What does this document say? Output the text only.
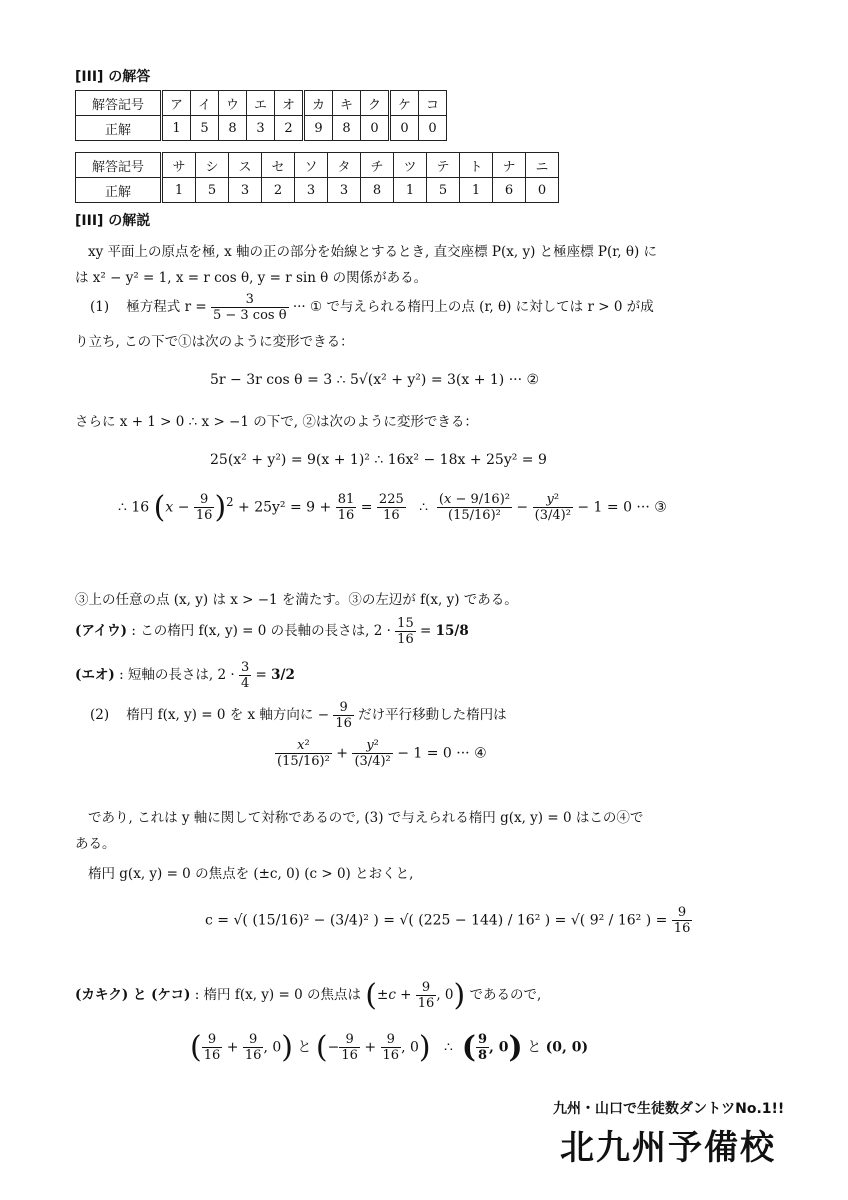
[III] の解答
解答記号	ア	イ	ウ	エ	オ	カ	キ	ク	ケ	コ
正解	1	5	8	3	2	9	8	0	0	0
解答記号	サ	シ	ス	セ	ソ	タ	チ	ツ	テ	ト	ナ	ニ
正解	1	5	3	2	3	3	8	1	5	1	6	0
[III] の解説
xy 平面上の原点を極, x 軸の正の部分を始線とするとき, 直交座標 P(x, y) と極座標 P(r, θ) に
は x² − y² = 1, x = r cos θ, y = r sin θ の関係がある。
(1) 極方程式 $r = \frac{3}{\text{5 − 3 cos θ}}$ ··· ① で与えられる楕円上の点 (r, θ) に対しては r > 0 が成
り立ち, この下で①は次のように変形できる：
5r − 3r cos θ = 3 ∴ 5√(x² + y²) = 3(x + 1) ··· ②
さらに x + 1 > 0 ∴ x > −1 の下で, ②は次のように変形できる：
25(x² + y²) = 9(x + 1)² ∴ 16x² − 18x + 25y² = 9
∴ 16 $(x - \frac{9}{16} )^2 + 25y^2 = 9 + \frac{81}{16} = \frac{225}{16}$ ∴ $\frac{\text{(x − 9/16)²}}{\text{(15/16)²}} - \frac{\text{y²}}{\text{(3/4)²}} - 1 = 0$ ··· ③
③上の任意の点 (x, y) は x > −1 を満たす。③の左辺が f(x, y) である。
(アイウ) : この楕円 f(x, y) = 0 の長軸の長さは, $2 \cdot \frac{15}{16} = 15/8$
(エオ) : 短軸の長さは, $2 \cdot \frac{3}{4} = 3/2$
(2) 楕円 f(x, y) = 0 を x 軸方向に − $\frac{9}{16}$ だけ平行移動した楕円は
$\frac{\text{x²}}{\text{(15/16)²}} + \frac{\text{y²}}{\text{(3/4)²}} - 1 = 0$ ··· ④
であり, これは y 軸に関して対称であるので, (3) で与えられる楕円 g(x, y) = 0 はこの④で
ある。
楕円 g(x, y) = 0 の焦点を (±c, 0) (c > 0) とおくと,
c = √( (15/16)² − (3/4)² ) = √( (225 − 144) / 16² ) = √( 9² / 16² ) = $\frac{9}{16}$
(カキク) と (ケコ) : 楕円 f(x, y) = 0 の焦点は ($\pm c + \frac{9}{16}$ , 0) であるので,
( $\frac{9}{16} + \frac{9}{16}$ , 0) と (− $\frac{9}{16} + \frac{9}{16}$ , 0)   ∴  ( $\frac{9}{8}$ , 0) と (0, 0)
九州・山口で生徒数ダントツNo.1!!
北九州予備校
